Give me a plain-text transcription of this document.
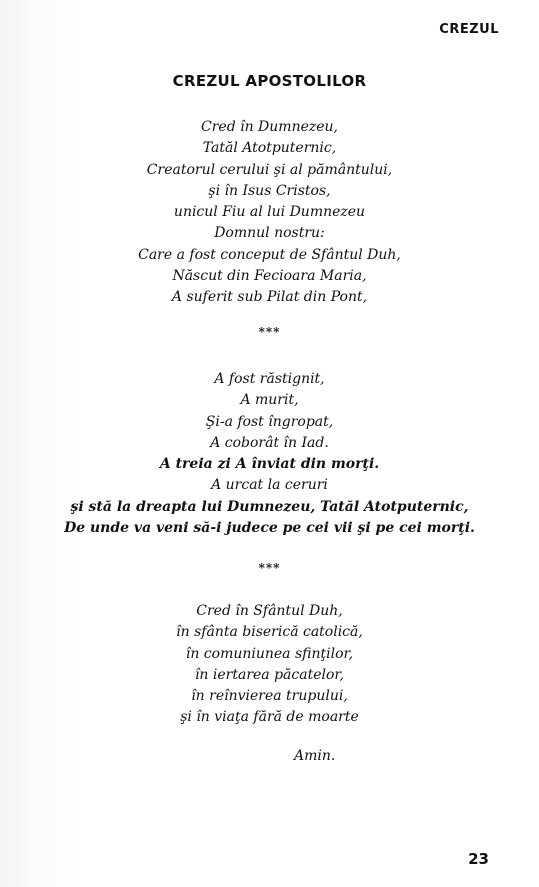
CREZUL
CREZUL APOSTOLILOR
Cred în Dumnezeu,
Tatăl Atotputernic,
Creatorul cerului şi al pământului,
şi în Isus Cristos,
unicul Fiu al lui Dumnezeu
Domnul nostru:
Care a fost conceput de Sfântul Duh,
Născut din Fecioara Maria,
A suferit sub Pilat din Pont,
***
A fost răstignit,
A murit,
Şi-a fost îngropat,
A coborât în Iad.
A treia zi A înviat din morţi.
A urcat la ceruri
şi stă la dreapta lui Dumnezeu, Tatăl Atotputernic,
De unde va veni să-i judece pe cei vii şi pe cei morţi.
***
Cred în Sfântul Duh,
în sfânta biserică catolică,
în comuniunea sfinţilor,
în iertarea păcatelor,
în reînvierea trupului,
şi în viaţa fără de moarte
Amin.
23
